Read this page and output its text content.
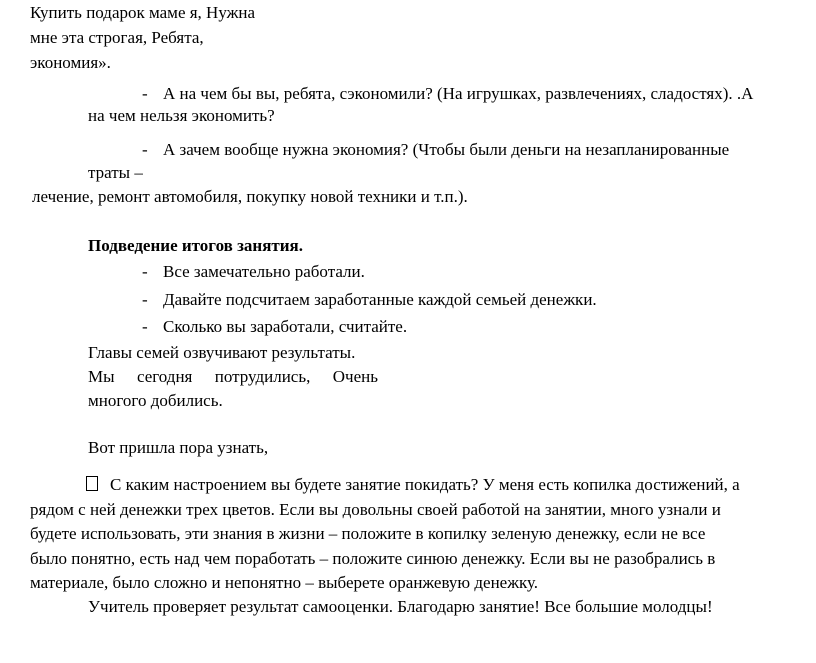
Купить подарок маме я, Нужна
мне эта строгая, Ребята,
экономия».
- А на чем бы вы, ребята, сэкономили? (На игрушках, развлечениях, сладостях). .А
на чем нельзя экономить?
- А зачем вообще нужна экономия? (Чтобы были деньги на незапланированные
траты –
лечение, ремонт автомобиля, покупку новой техники и т.п.).
Подведение итогов занятия.
- Все замечательно работали.
- Давайте подсчитаем заработанные каждой семьей денежки.
- Сколько вы заработали, считайте.
Главы семей озвучивают результаты.
Мы сегодня потрудились, Очень
многого добились.
Вот пришла пора узнать,
С каким настроением вы будете занятие покидать? У меня есть копилка достижений, а
рядом с ней денежки трех цветов. Если вы довольны своей работой на занятии, много узнали и
будете использовать, эти знания в жизни – положите в копилку зеленую денежку, если не все
было понятно, есть над чем поработать – положите синюю денежку. Если вы не разобрались в
материале, было сложно и непонятно – выберете оранжевую денежку.
Учитель проверяет результат самооценки. Благодарю занятие! Все большие молодцы!
